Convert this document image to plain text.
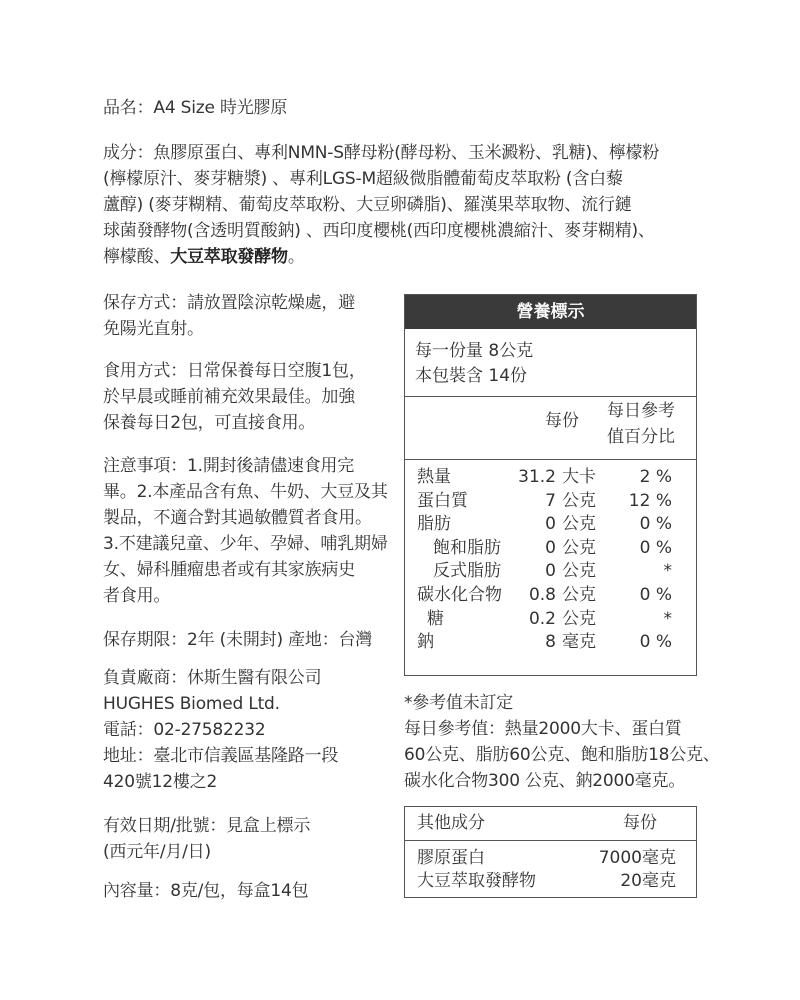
品名：A4 Size 時光膠原
成分：魚膠原蛋白、專利NMN-S酵母粉(酵母粉、玉米澱粉、乳糖)、檸檬粉
(檸檬原汁、麥芽糖漿) 、專利LGS-M超級微脂體葡萄皮萃取粉 (含白藜
蘆醇) (麥芽糊精、葡萄皮萃取粉、大豆卵磷脂)、羅漢果萃取物、流行鏈
球菌發酵物(含透明質酸鈉) 、西印度櫻桃(西印度櫻桃濃縮汁、麥芽糊精)、
檸檬酸、大豆萃取發酵物。
保存方式：請放置陰涼乾燥處，避
免陽光直射。
食用方式：日常保養每日空腹1包，
於早晨或睡前補充效果最佳。加強
保養每日2包，可直接食用。
注意事項：1.開封後請儘速食用完
畢。2.本產品含有魚、牛奶、大豆及其
製品，不適合對其過敏體質者食用。
3.不建議兒童、少年、孕婦、哺乳期婦
女、婦科腫瘤患者或有其家族病史
者食用。
保存期限：2年 (未開封) 產地：台灣
負責廠商：休斯生醫有限公司
HUGHES Biomed Ltd.
電話：02-27582232
地址：臺北市信義區基隆路一段
420號12樓之2
有效日期/批號：見盒上標示
(西元年/月/日)
內容量：8克/包，每盒14包
營養標示
每一份量 8公克
本包裝含 14份
每份 每日參考
值百分比
熱量	31.2 大卡	2 %
蛋白質	7 公克	12 %
脂肪	0 公克	0 %
飽和脂肪	0 公克	0 %
反式脂肪	0 公克	*
碳水化合物	0.8 公克	0 %
糖	0.2 公克	*
鈉	8 毫克	0 %
*參考值未訂定
每日參考值：熱量2000大卡、蛋白質
60公克、脂肪60公克、飽和脂肪18公克、
碳水化合物300 公克、鈉2000毫克。
其他成分	每份
膠原蛋白	7000毫克
大豆萃取發酵物	20毫克
